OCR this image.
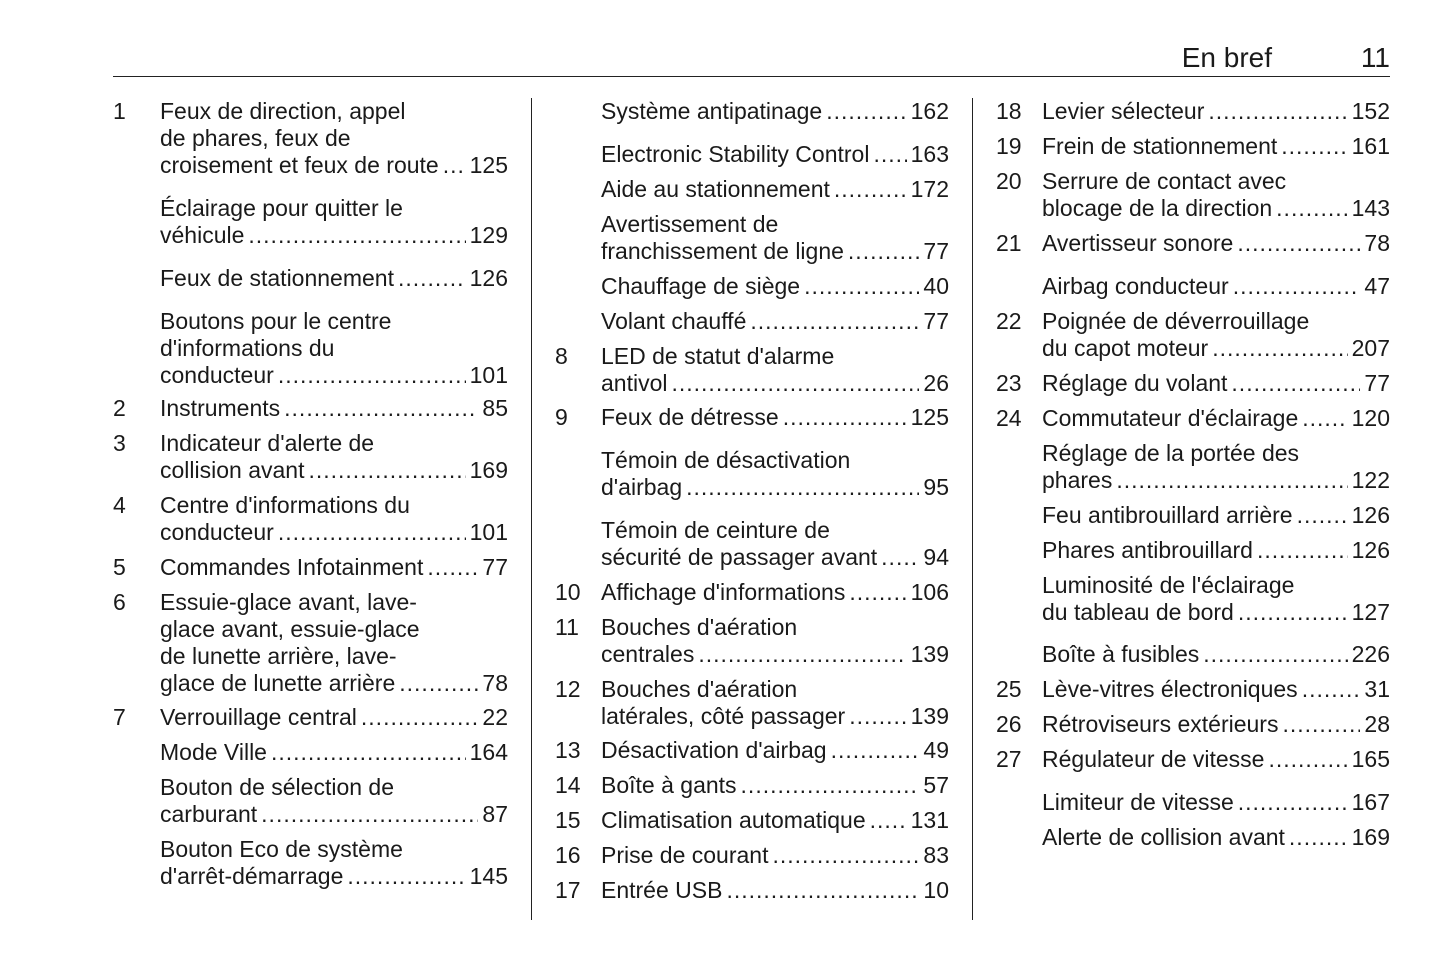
En bref	11
1 Feux de direction, appel
de phares, feux de
croisement et feux de route ..... 125
Éclairage pour quitter le
véhicule .....	129
Feux de stationnement .....	126
Boutons pour le centre
d'informations du
conducteur .....	101
2 Instruments .....	85
3 Indicateur d'alerte de
collision avant .....	169
4 Centre d'informations du
conducteur .....	101
5 Commandes Infotainment .....	77
6 Essuie-glace avant, lave-
glace avant, essuie-glace
de lunette arrière, lave-
glace de lunette arrière .....	78
7 Verrouillage central .....	22
Mode Ville .....	164
Bouton de sélection de
carburant .....	87
Bouton Eco de système
d'arrêt-démarrage .....	145
Système antipatinage .....	162
Electronic Stability Control ..... 163
Aide au stationnement .....	172
Avertissement de
franchissement de ligne .....	77
Chauffage de siège .....	40
Volant chauffé .....	77
8 LED de statut d'alarme
antivol .....	26
9 Feux de détresse .....	125
Témoin de désactivation
d'airbag .....	95
Témoin de ceinture de
sécurité de passager avant ..... 94
10 Affichage d'informations .....	106
11 Bouches d'aération
centrales .....	139
12 Bouches d'aération
latérales, côté passager .....	139
13 Désactivation d'airbag .....	49
14 Boîte à gants .....	57
15 Climatisation automatique ..... 131
16 Prise de courant .....	83
17 Entrée USB .....	10
18 Levier sélecteur .....	152
19 Frein de stationnement .....	161
20 Serrure de contact avec
blocage de la direction .....	143
21 Avertisseur sonore .....	78
Airbag conducteur .....	47
22 Poignée de déverrouillage
du capot moteur .....	207
23 Réglage du volant .....	77
24 Commutateur d'éclairage ..... 120
Réglage de la portée des
phares .....	122
Feu antibrouillard arrière .....	126
Phares antibrouillard .....	126
Luminosité de l'éclairage
du tableau de bord .....	127
Boîte à fusibles .....	226
25 Lève-vitres électroniques .....	31
26 Rétroviseurs extérieurs .....	28
27 Régulateur de vitesse .....	165
Limiteur de vitesse .....	167
Alerte de collision avant .....	169
